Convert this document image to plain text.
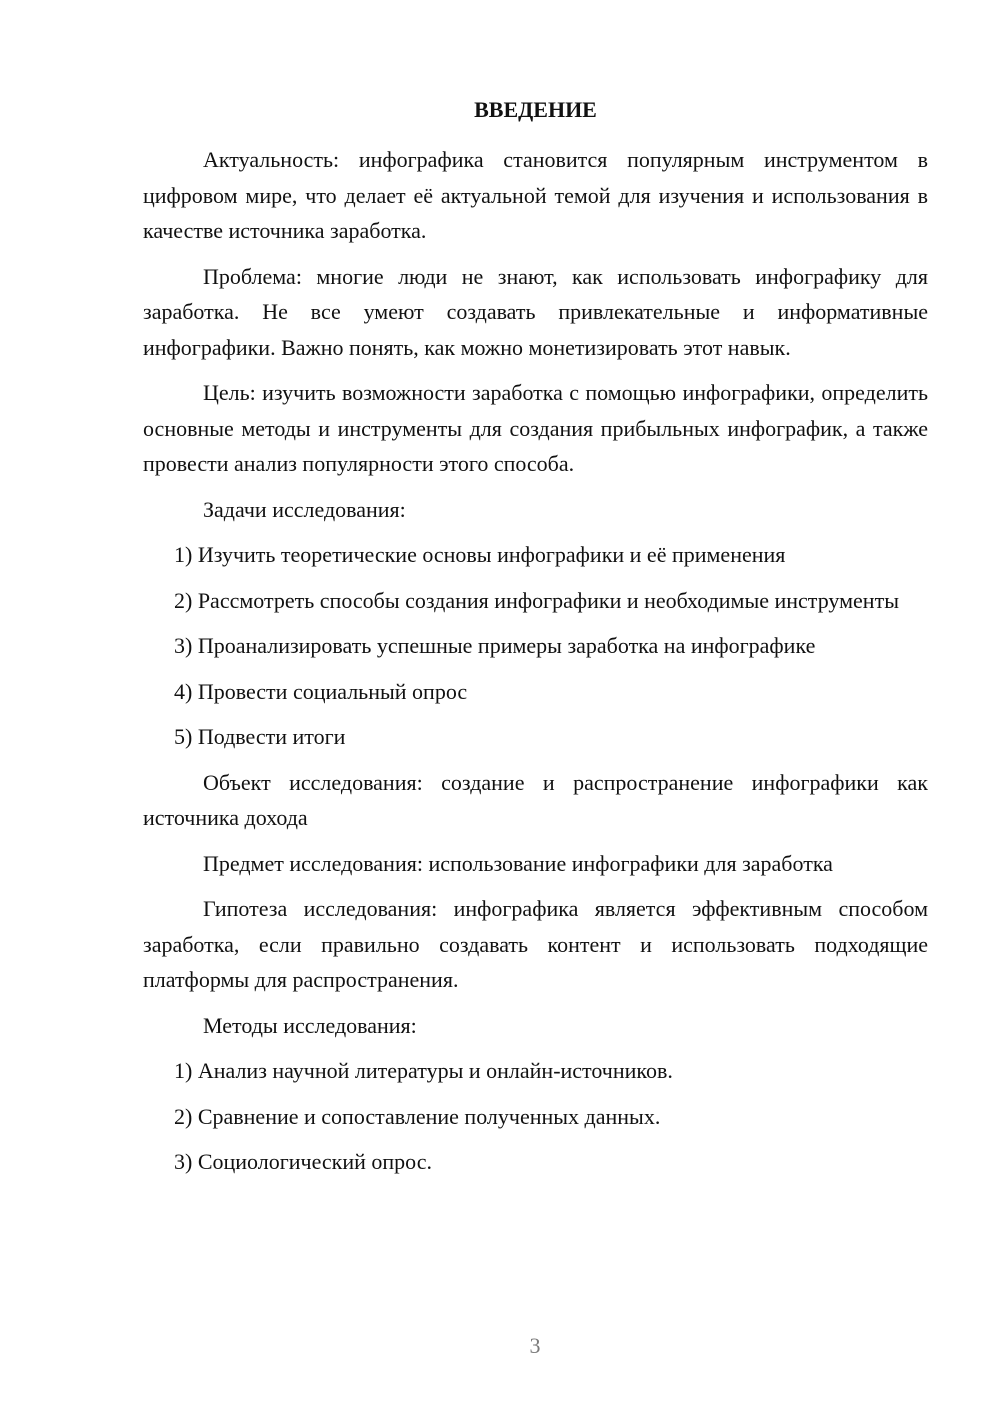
ВВЕДЕНИЕ

Актуальность: инфографика становится популярным инструментом в цифровом мире, что делает её актуальной темой для изучения и использования в качестве источника заработка.

Проблема: многие люди не знают, как использовать инфографику для заработка. Не все умеют создавать привлекательные и информативные инфографики. Важно понять, как можно монетизировать этот навык.

Цель: изучить возможности заработка с помощью инфографики, определить основные методы и инструменты для создания прибыльных инфографик, а также провести анализ популярности этого способа.

Задачи исследования:

1) Изучить теоретические основы инфографики и её применения

2) Рассмотреть способы создания инфографики и необходимые инструменты

3) Проанализировать успешные примеры заработка на инфографике

4) Провести социальный опрос

5) Подвести итоги

Объект исследования: создание и распространение инфографики как источника дохода

Предмет исследования: использование инфографики для заработка

Гипотеза исследования: инфографика является эффективным способом заработка, если правильно создавать контент и использовать подходящие платформы для распространения.

Методы исследования:

1) Анализ научной литературы и онлайн-источников.

2) Сравнение и сопоставление полученных данных.

3) Социологический опрос.

3
